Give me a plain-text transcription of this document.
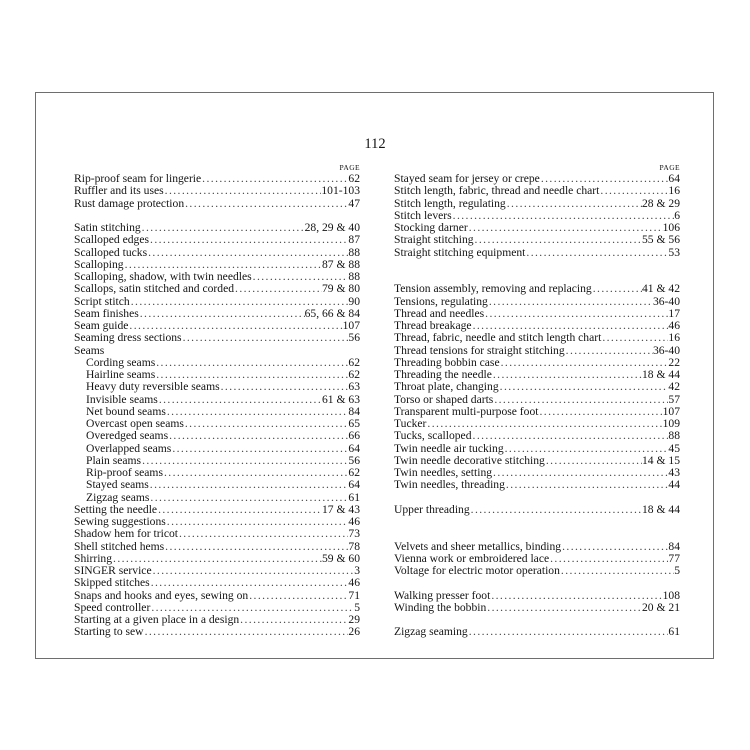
112
PAGE
Rip-proof seam for lingerie .....	62
Ruffler and its uses .....	101-103
Rust damage protection .....	47
Satin stitching .....	28, 29 & 40
Scalloped edges .....	87
Scalloped tucks .....	88
Scalloping .....	87 & 88
Scalloping, shadow, with twin needles .....	88
Scallops, satin stitched and corded .....	79 & 80
Script stitch .....	90
Seam finishes .....	65, 66 & 84
Seam guide .....	107
Seaming dress sections .....	56
Seams
Cording seams .....	62
Hairline seams .....	62
Heavy duty reversible seams .....	63
Invisible seams .....	61 & 63
Net bound seams .....	84
Overcast open seams .....	65
Overedged seams .....	66
Overlapped seams .....	64
Plain seams .....	56
Rip-proof seams .....	62
Stayed seams .....	64
Zigzag seams .....	61
Setting the needle .....	17 & 43
Sewing suggestions .....	46
Shadow hem for tricot .....	73
Shell stitched hems .....	78
Shirring .....	59 & 60
SINGER service .....	3
Skipped stitches .....	46
Snaps and hooks and eyes, sewing on .....	71
Speed controller .....	5
Starting at a given place in a design .....	29
Starting to sew .....	26
PAGE
Stayed seam for jersey or crepe .....	64
Stitch length, fabric, thread and needle chart .....	16
Stitch length, regulating .....	28 & 29
Stitch levers .....	6
Stocking darner .....	106
Straight stitching .....	55 & 56
Straight stitching equipment .....	53
Tension assembly, removing and replacing .....	41 & 42
Tensions, regulating .....	36-40
Thread and needles .....	17
Thread breakage .....	46
Thread, fabric, needle and stitch length chart .....	16
Thread tensions for straight stitching .....	36-40
Threading bobbin case .....	22
Threading the needle .....	18 & 44
Throat plate, changing .....	42
Torso or shaped darts .....	57
Transparent multi-purpose foot .....	107
Tucker .....	109
Tucks, scalloped .....	88
Twin needle air tucking .....	45
Twin needle decorative stitching .....	14 & 15
Twin needles, setting .....	43
Twin needles, threading .....	44
Upper threading .....	18 & 44
Velvets and sheer metallics, binding .....	84
Vienna work or embroidered lace .....	77
Voltage for electric motor operation .....	5
Walking presser foot .....	108
Winding the bobbin .....	20 & 21
Zigzag seaming .....	61
